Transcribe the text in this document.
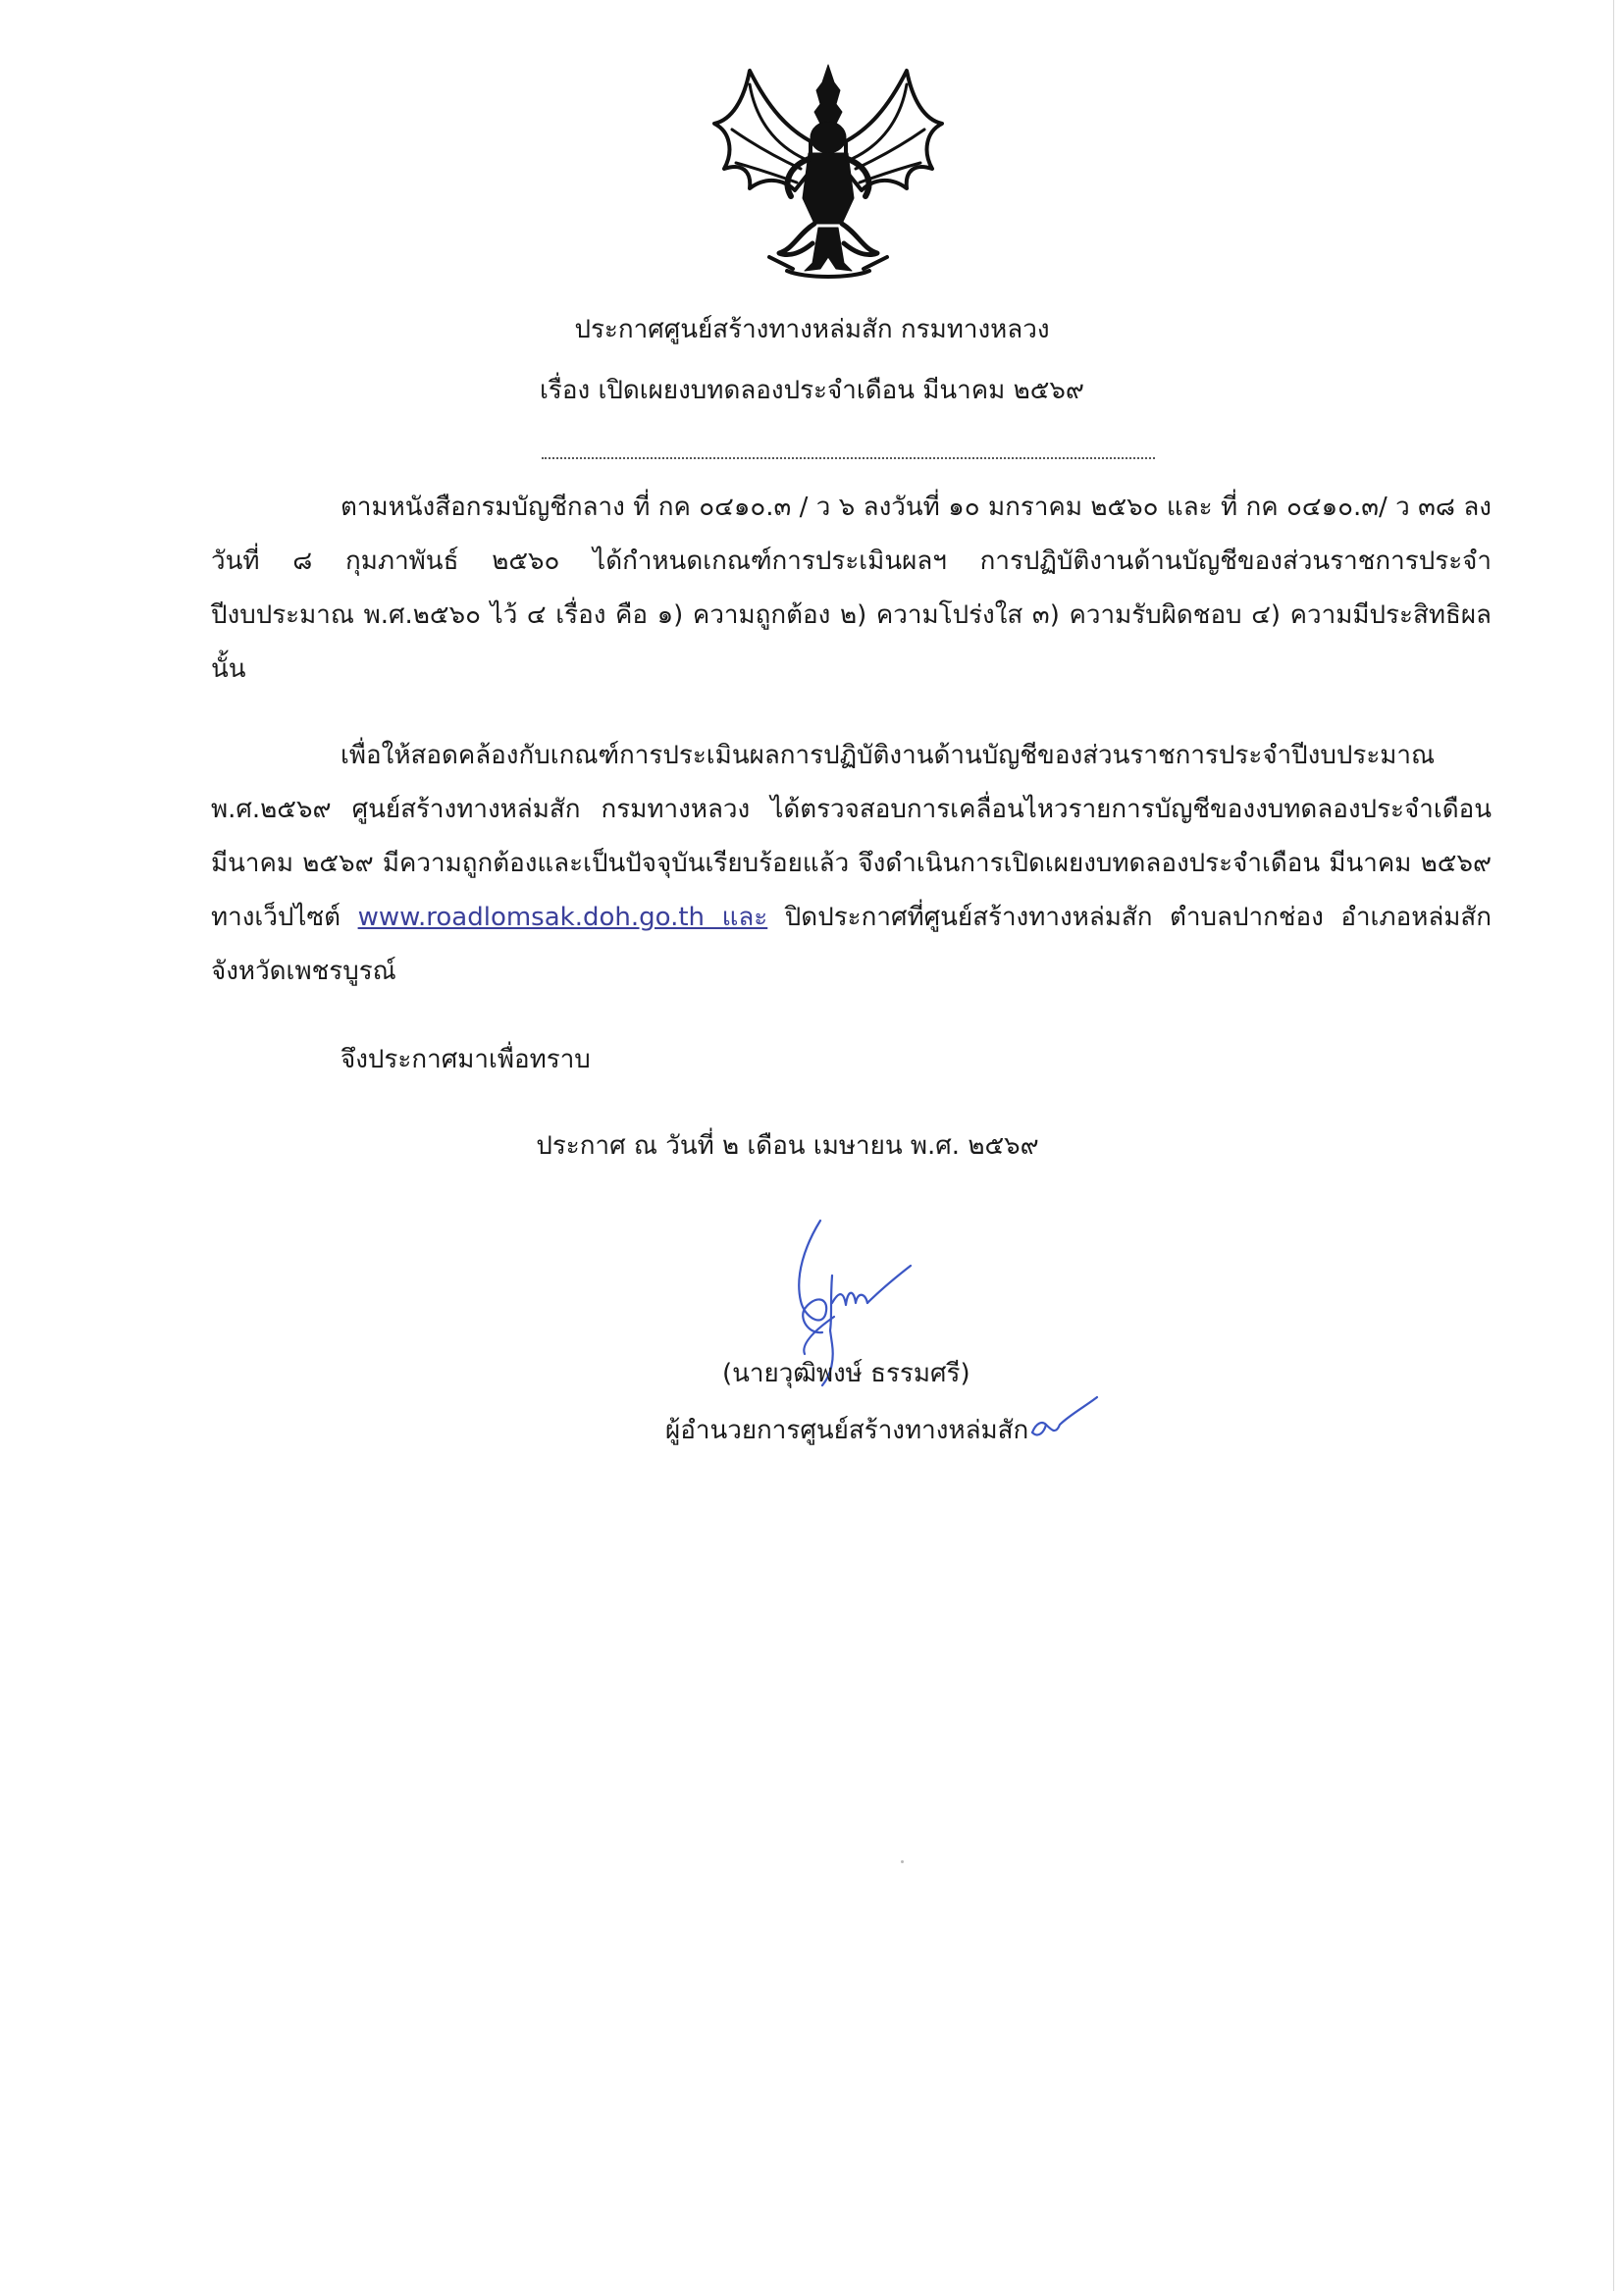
ประกาศศูนย์สร้างทางหล่มสัก กรมทางหลวง
เรื่อง เปิดเผยงบทดลองประจำเดือน มีนาคม ๒๕๖๙

ตามหนังสือกรมบัญชีกลาง ที่ กค ๐๔๑๐.๓ / ว ๖ ลงวันที่ ๑๐ มกราคม ๒๕๖๐ และ ที่ กค ๐๔๑๐.๓/ ว ๓๘ ลงวันที่ ๘ กุมภาพันธ์ ๒๕๖๐ ได้กำหนดเกณฑ์การประเมินผลฯ การปฏิบัติงานด้านบัญชีของส่วนราชการประจำปีงบประมาณ พ.ศ.๒๕๖๐ ไว้ ๔ เรื่อง คือ ๑) ความถูกต้อง ๒) ความโปร่งใส ๓) ความรับผิดชอบ ๔) ความมีประสิทธิผล นั้น

เพื่อให้สอดคล้องกับเกณฑ์การประเมินผลการปฏิบัติงานด้านบัญชีของส่วนราชการประจำปีงบประมาณ พ.ศ.๒๕๖๙ ศูนย์สร้างทางหล่มสัก กรมทางหลวง ได้ตรวจสอบการเคลื่อนไหวรายการบัญชีของงบทดลองประจำเดือน มีนาคม ๒๕๖๙ มีความถูกต้องและเป็นปัจจุบันเรียบร้อยแล้ว จึงดำเนินการเปิดเผยงบทดลองประจำเดือน มีนาคม ๒๕๖๙ ทางเว็ปไซต์ www.roadlomsak.doh.go.th และ ปิดประกาศที่ศูนย์สร้างทางหล่มสัก ตำบลปากช่อง อำเภอหล่มสัก จังหวัดเพชรบูรณ์

จึงประกาศมาเพื่อทราบ
ประกาศ ณ วันที่ ๒ เดือน เมษายน พ.ศ. ๒๕๖๙
(นายวุฒิพงษ์ ธรรมศรี)
ผู้อำนวยการศูนย์สร้างทางหล่มสัก
